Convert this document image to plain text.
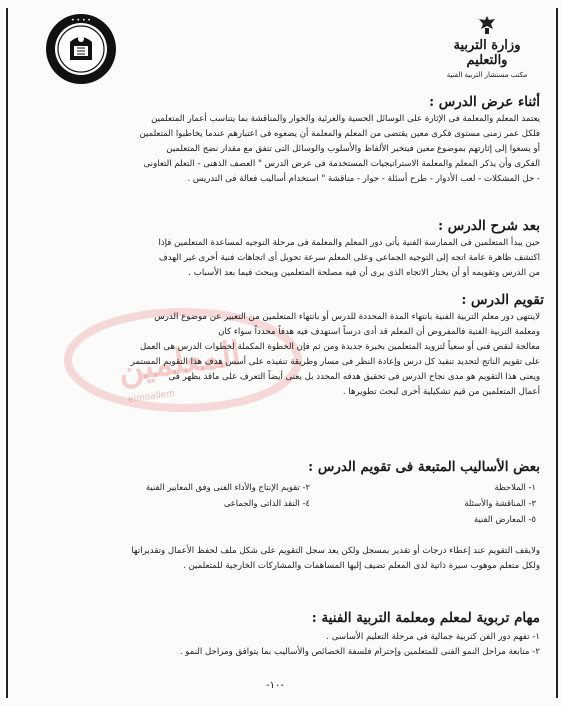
• • • •
وزارة التربية والتعليم
مكتب مستشار التربية الفنية
المعلمين
elmoallem
أثناء عرض الدرس :
يعتمد المعلم والمعلمة فى الإثارة على الوسائل الحسية والعرئية والحوار والمناقشة بما يتناسب أعمار المتعلمين
فلكل عمر زمنى مستوى فكرى معين يقتضى من المعلم والمعلمة أن يضعوه فى اعتبارهم عندما يخاطبوا المتعلمين
أو يسعوا إلى إثارتهم بموضوع معين فيتخير الألفاظ والأسلوب والوسائل التى تتفق مع مقدار نضج المتعلمين
الفكرى وأن يذكر المعلم والمعلمة الاستراتيجيات المستخدمة فى عرض الدرس " العصف الذهنى - التعلم التعاونى
- حل المشكلات - لعب الأدوار - طرح أسئلة - حوار - مناقشة " استخدام أساليب فعالة فى التدريس .
بعد شرح الدرس :
حين يبدأ المتعلمين فى الممارسة الفنية يأتى دور المعلم والمعلمة فى مرحلة التوجيه لمساعدة المتعلمين فإذا
اكتشف ظاهرة عامة اتجه إلى التوجيه الجماعى وعلى المعلم سرعة تحويل أى اتجاهات فنية أخرى غير الهدف
من الدرس وتقويمه أو أن يختار الاتجاه الذى يرى أن فيه مصلحة المتعلمين ويبحث فيما بعد الأسباب .
تقويم الدرس :
لاينتهى دور معلم التربية الفنية بانتهاء المدة المحددة للدرس أو بانتهاء المتعلمين من التعبير عن موضوع الدرس
ومعلمة التربية الفنية فالمفروض أن المعلم قد أدى درساً استهدف فيه هدفاً محدداً سواء كان
معالجة لنقص فنى أو سعياً لتزويد المتعلمين بخبرة جديدة ومن ثم فإن الخطوة المكملة لخطوات الدرس هى العمل
على تقويم الناتج لتحديد تنفيذ كل درس وإعادة النظر فى مسار وطريقة تنفيذه على أسس هدف هذا التقويم المستمر
ويعنى هذا التقويم هو مدى نجاح الدرس فى تحقيق هدفه المحدد بل يعنى أيضاً التعرف على ماقد يظهر فى
أعمال المتعلمين من قيم تشكيلية أخرى لبحث تطويرها .
بعض الأساليب المتبعة فى تقويم الدرس :
١- الملاحظة
٢- تقويم الإنتاج والأداء الفنى وفق المعايير الفنية
٣- المناقشة والأسئلة
٤- النقد الذاتى والجماعى
٥- المعارض الفنية
ولايقف التقويم عند إعطاء درجات أو تقدير بمسجل ولكن يعد سجل التقويم على شكل ملف لحفظ الأعمال وتقديراتها
ولكل متعلم موهوب سيرة ذاتية لدى المعلم تضيف إليها المساهمات والمشاركات الخارجية للمتعلمين .
مهام تربوية لمعلم ومعلمة التربية الفنية :
١- تفهم دور الفن كتربية جمالية فى مرحلة التعليم الأساسى .
٢- متابعة مراحل النمو الفنى للمتعلمين وإحترام فلسفة الخصائص والأساليب بما يتوافق ومراحل النمو .
-١٠-
